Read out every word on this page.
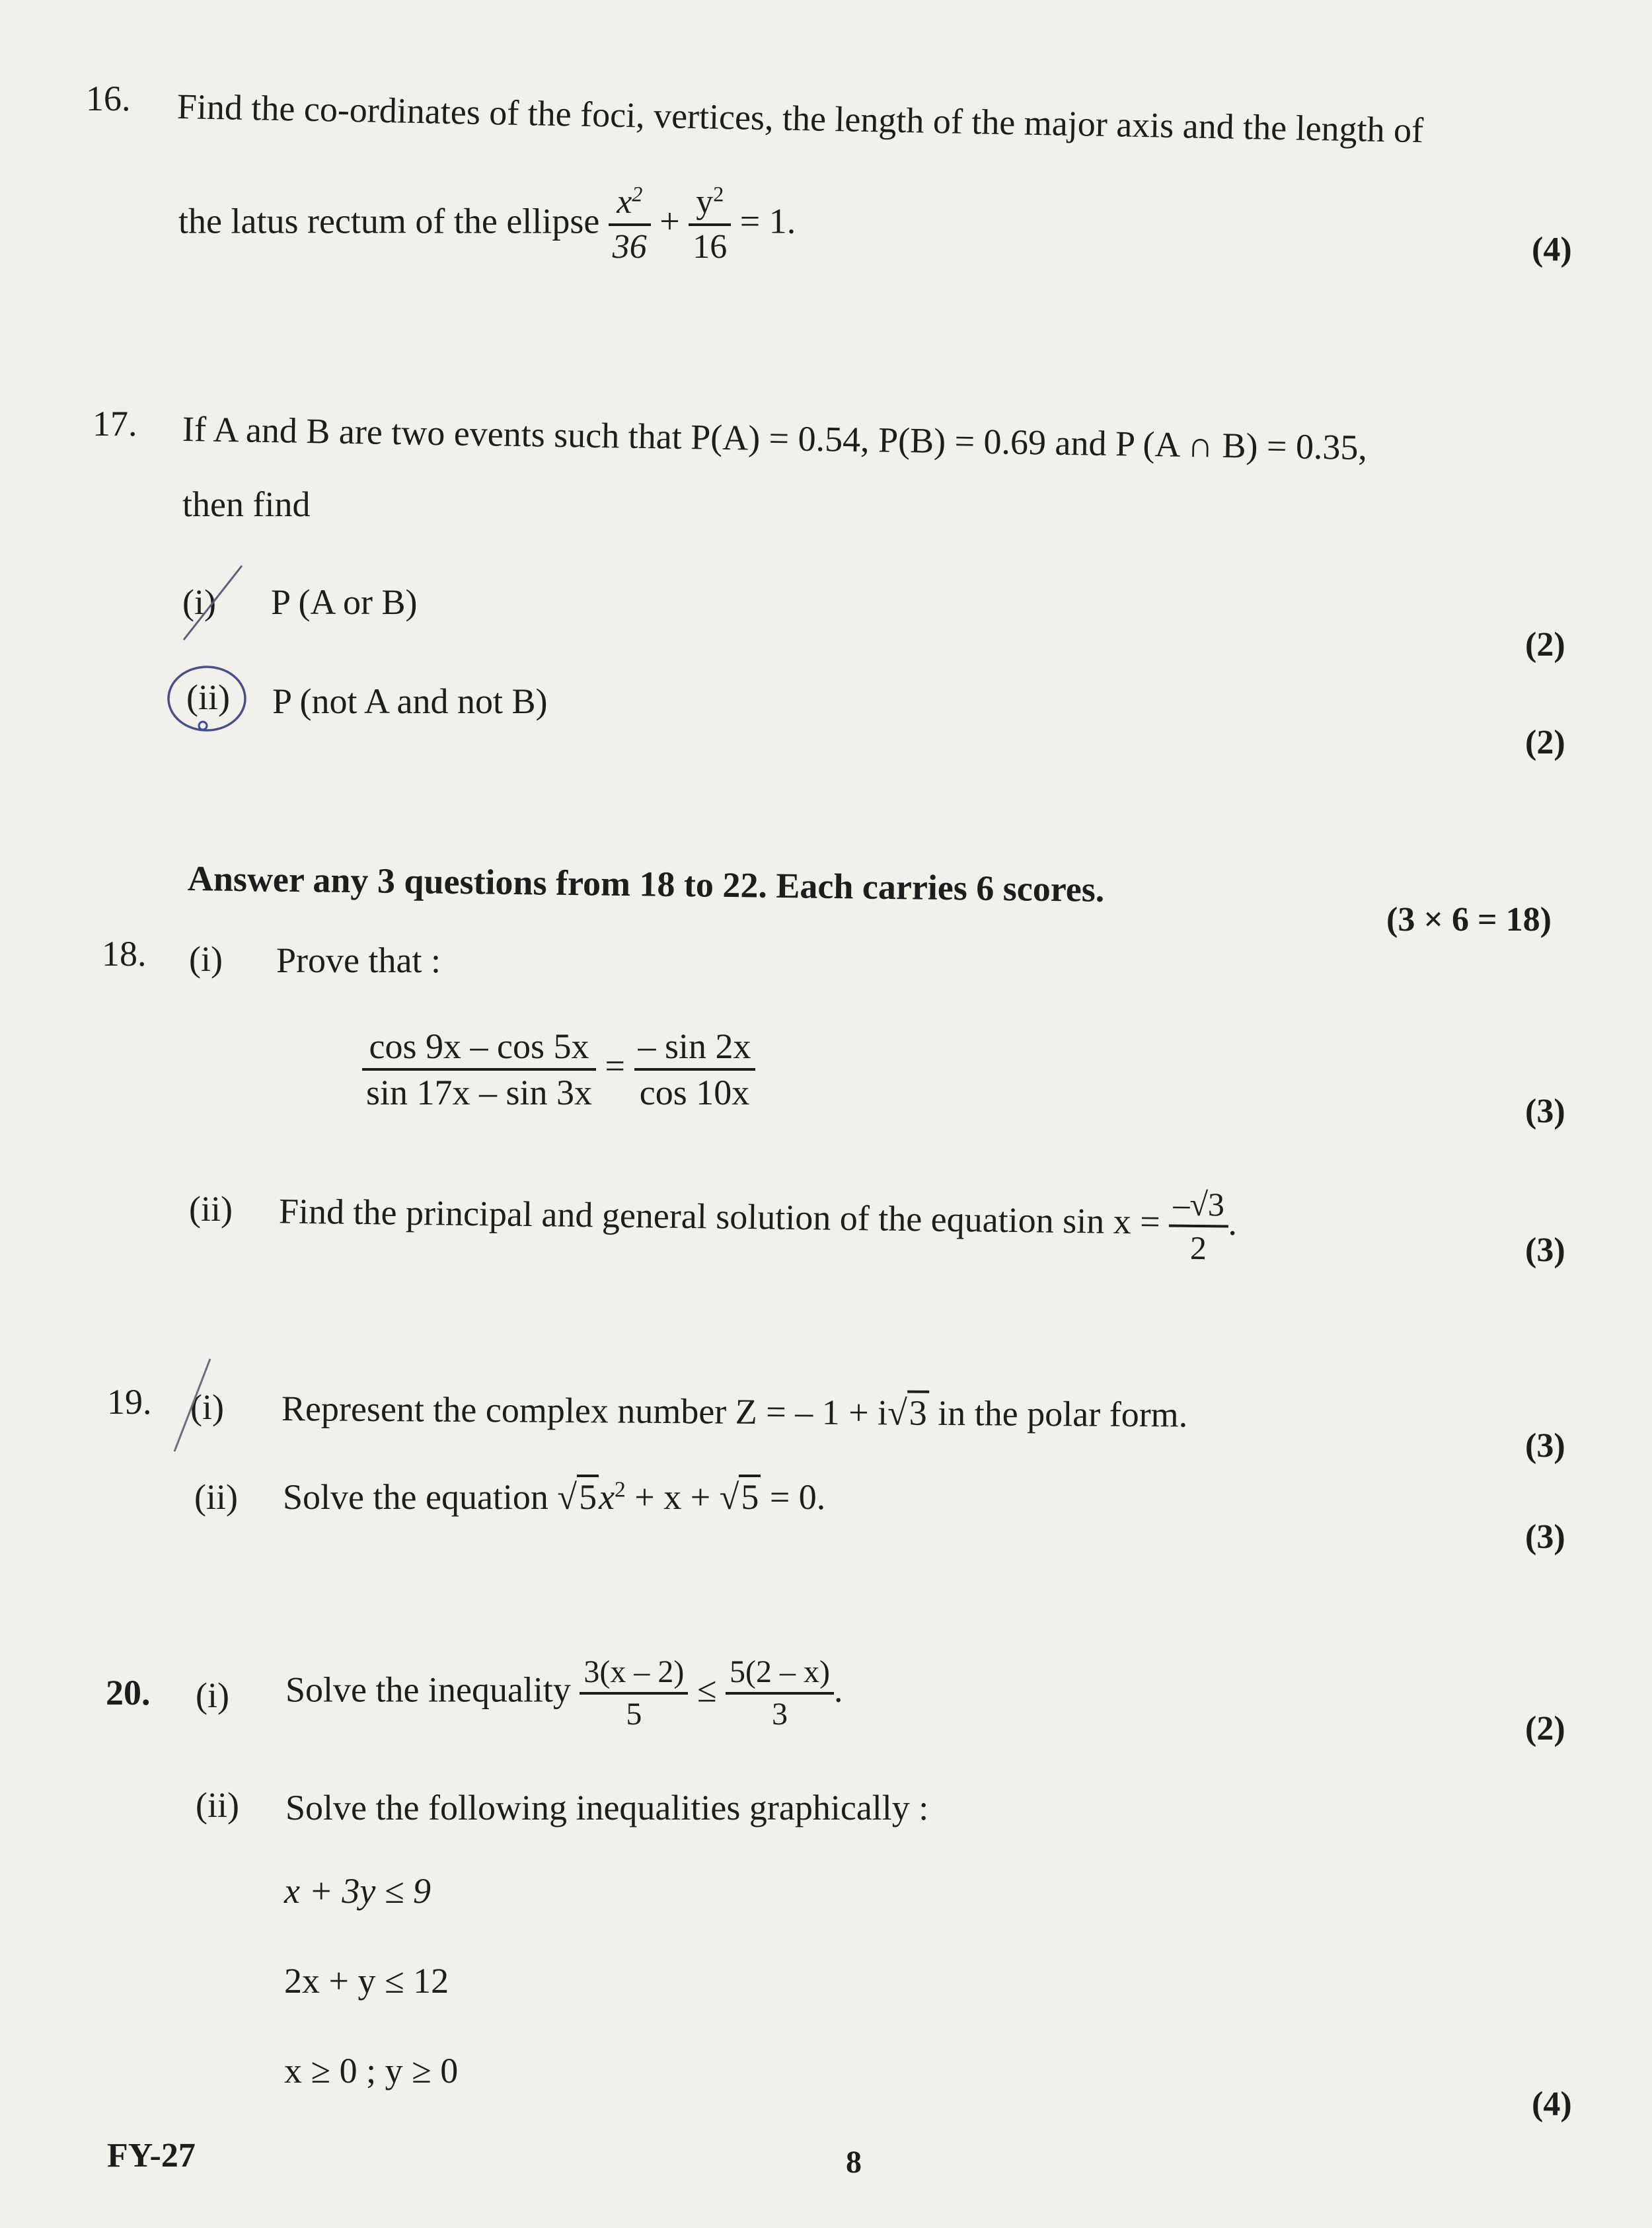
16. Find the co-ordinates of the foci, vertices, the length of the major axis and the length of
the latus rectum of the ellipse $\frac{x^2}{36} + \frac{y^2}{16} = 1$.
(4)
17. If A and B are two events such that P(A) = 0.54, P(B) = 0.69 and P (A ∩ B) = 0.35,
then find
(i) P (A or B)
(2)
(ii) P (not A and not B)
(2)
Answer any 3 questions from 18 to 22. Each carries 6 scores.
(3 × 6 = 18)
18. (i) Prove that :
$\frac{\cos 9x - \cos 5x}{\sin 17x - \sin 3x} = \frac{- \sin 2x}{\cos 10x}$
(3)
(ii) Find the principal and general solution of the equation $\sin x = \frac{-√3}{2}$
.
(3)
19. (i) Represent the complex number Z = – 1 + i√3 in the polar form.
(3)
(ii) Solve the equation $√5x^2 + x + √5 = 0$.
(3)
20. (i) Solve the inequality $\frac{3(x - 2)}{5} \le \frac{5(2 - x)}{3}$ .
(2)
(ii) Solve the following inequalities graphically :
x + 3y ≤ 9
2x + y ≤ 12
x ≥ 0 ; y ≥ 0
(4)
FY-27	8
